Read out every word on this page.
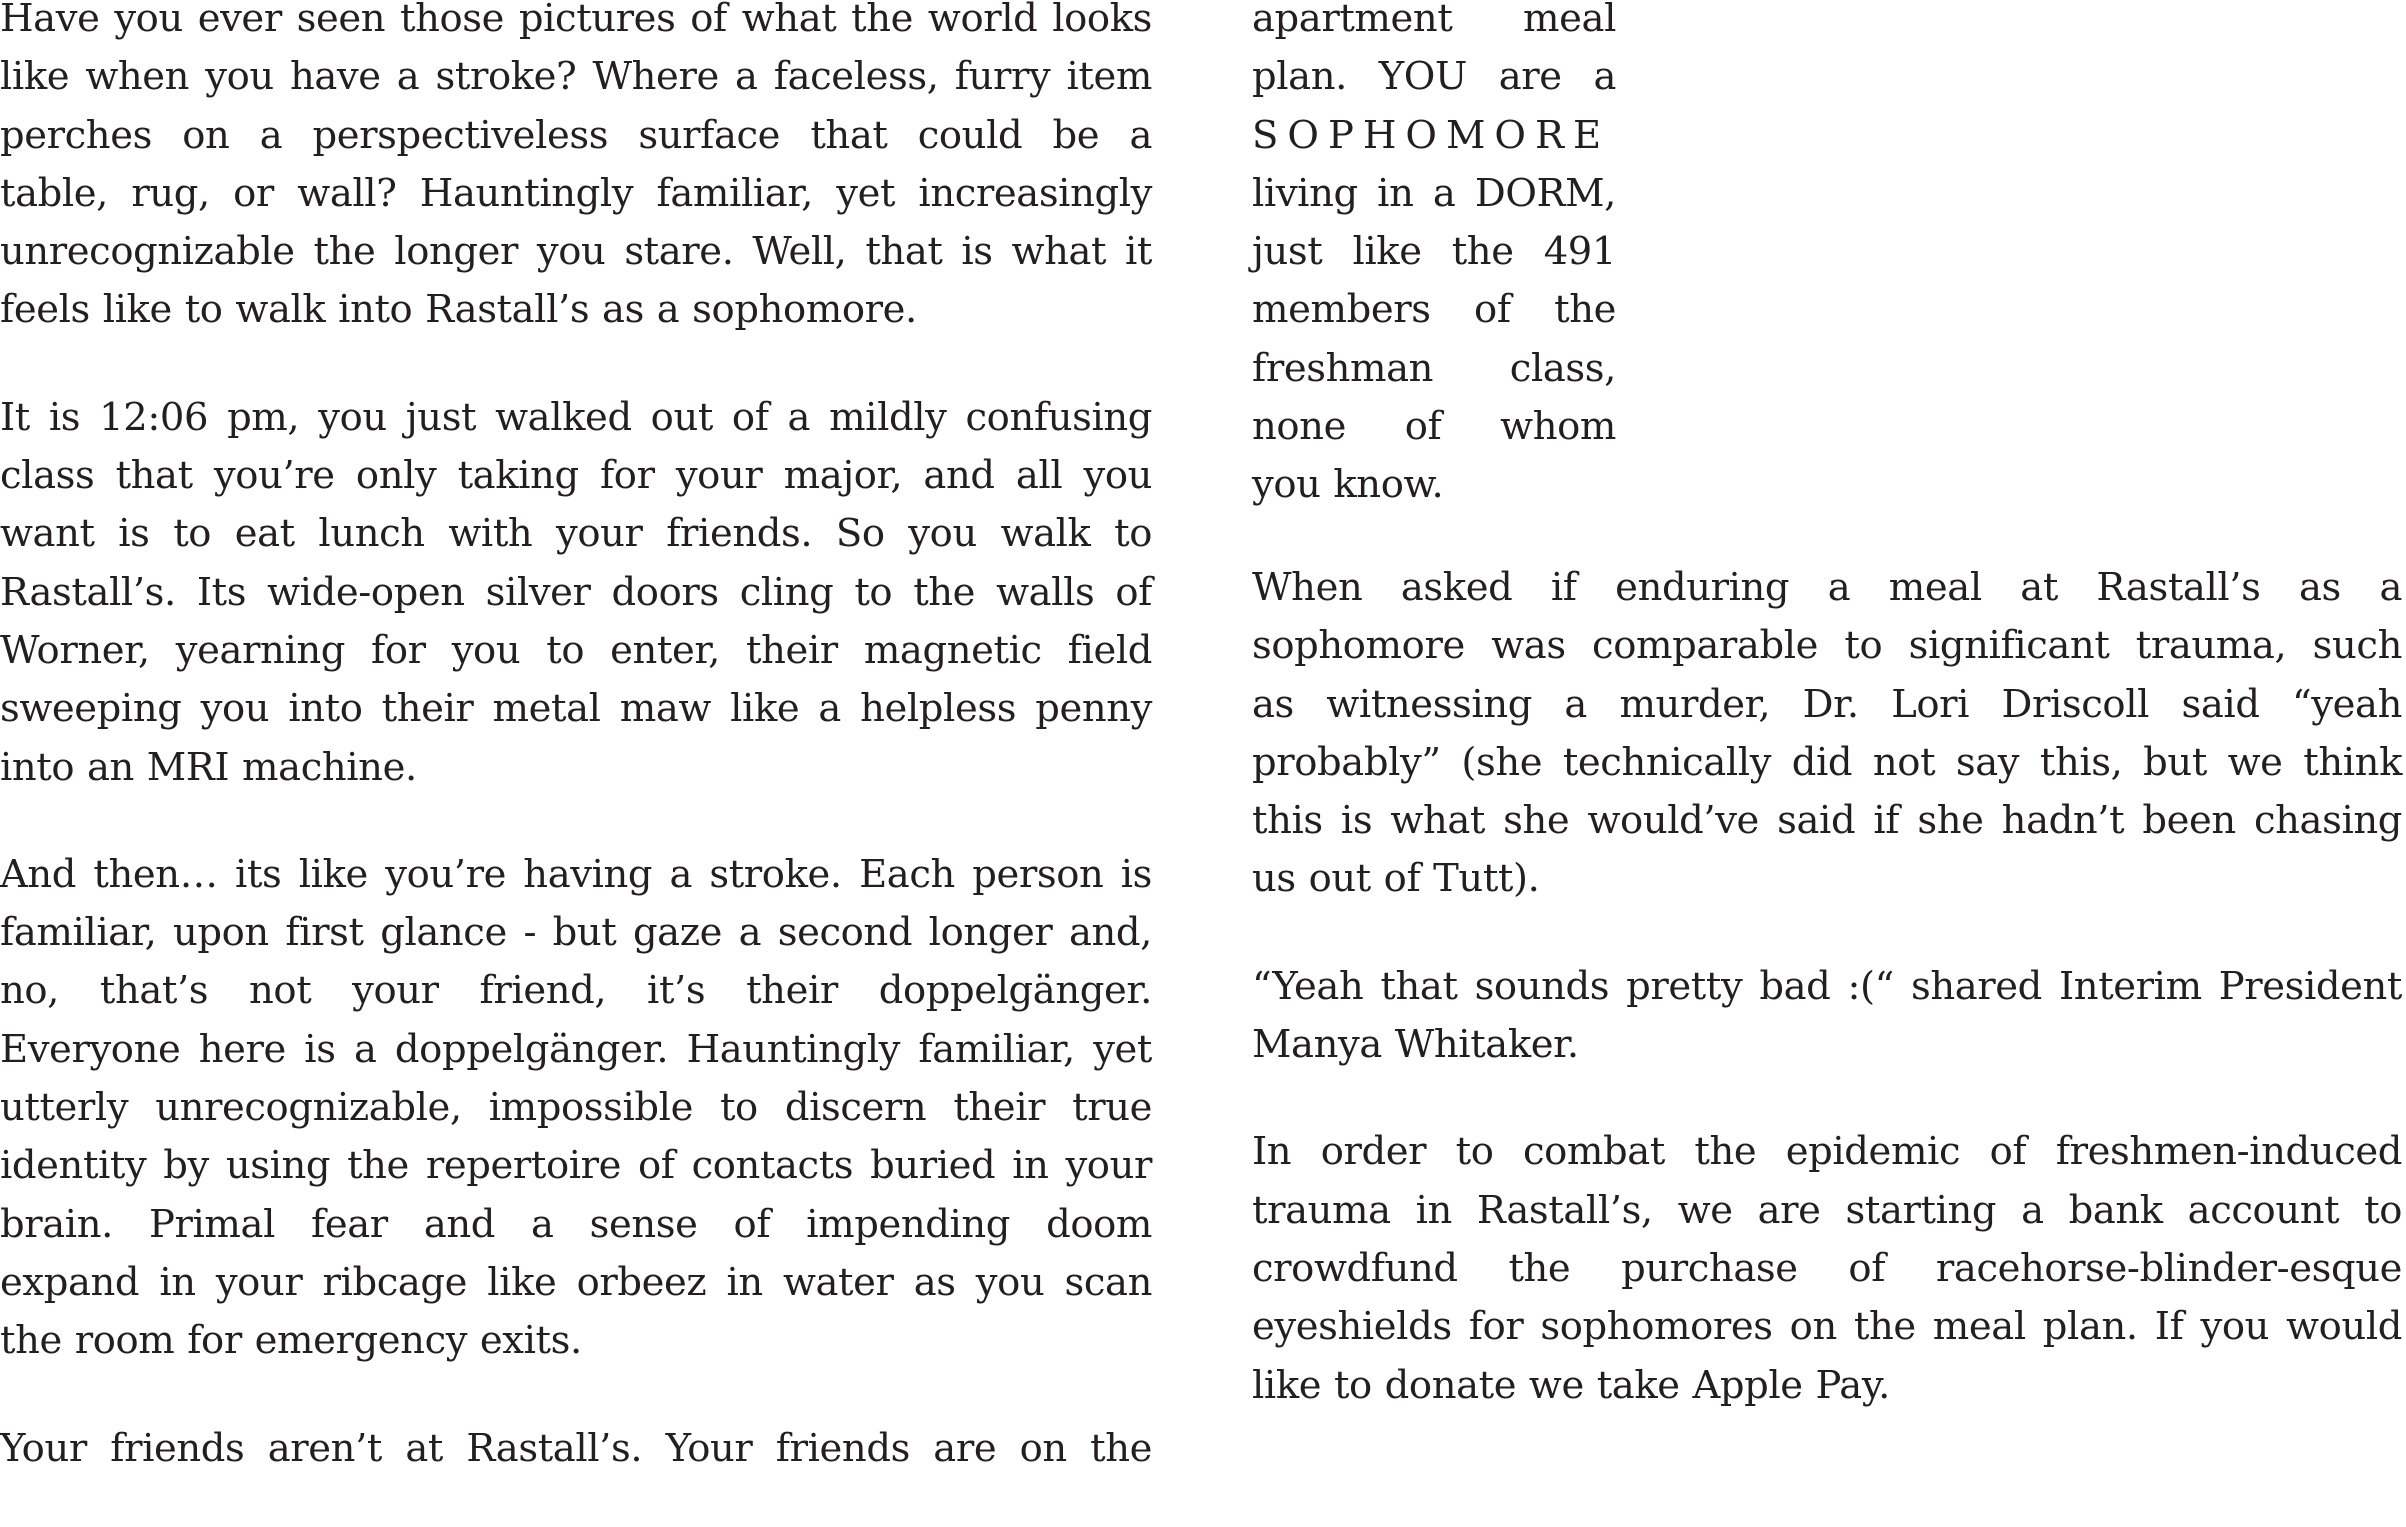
Have you ever seen those pictures of what the world looks
like when you have a stroke? Where a faceless, furry item
perches on a perspectiveless surface that could be a
table, rug, or wall? Hauntingly familiar, yet increasingly
unrecognizable the longer you stare. Well, that is what it
feels like to walk into Rastall’s as a sophomore.
It is 12:06 pm, you just walked out of a mildly confusing
class that you’re only taking for your major, and all you
want is to eat lunch with your friends. So you walk to
Rastall’s. Its wide-open silver doors cling to the walls of
Worner, yearning for you to enter, their magnetic field
sweeping you into their metal maw like a helpless penny
into an MRI machine.
And then… its like you’re having a stroke. Each person is
familiar, upon first glance - but gaze a second longer and,
no, that’s not your friend, it’s their doppelgänger.
Everyone here is a doppelgänger. Hauntingly familiar, yet
utterly unrecognizable, impossible to discern their true
identity by using the repertoire of contacts buried in your
brain. Primal fear and a sense of impending doom
expand in your ribcage like orbeez in water as you scan
the room for emergency exits.
Your friends aren’t at Rastall’s. Your friends are on the
apartment meal
plan. YOU are a
SOPHOMORE
living in a DORM,
just like the 491
members of the
freshman class,
none of whom
you know.
When asked if enduring a meal at Rastall’s as a
sophomore was comparable to significant trauma, such
as witnessing a murder, Dr. Lori Driscoll said “yeah
probably” (she technically did not say this, but we think
this is what she would’ve said if she hadn’t been chasing
us out of Tutt).
“Yeah that sounds pretty bad :(“ shared Interim President
Manya Whitaker.
In order to combat the epidemic of freshmen-induced
trauma in Rastall’s, we are starting a bank account to
crowdfund the purchase of racehorse-blinder-esque
eyeshields for sophomores on the meal plan. If you would
like to donate we take Apple Pay.
